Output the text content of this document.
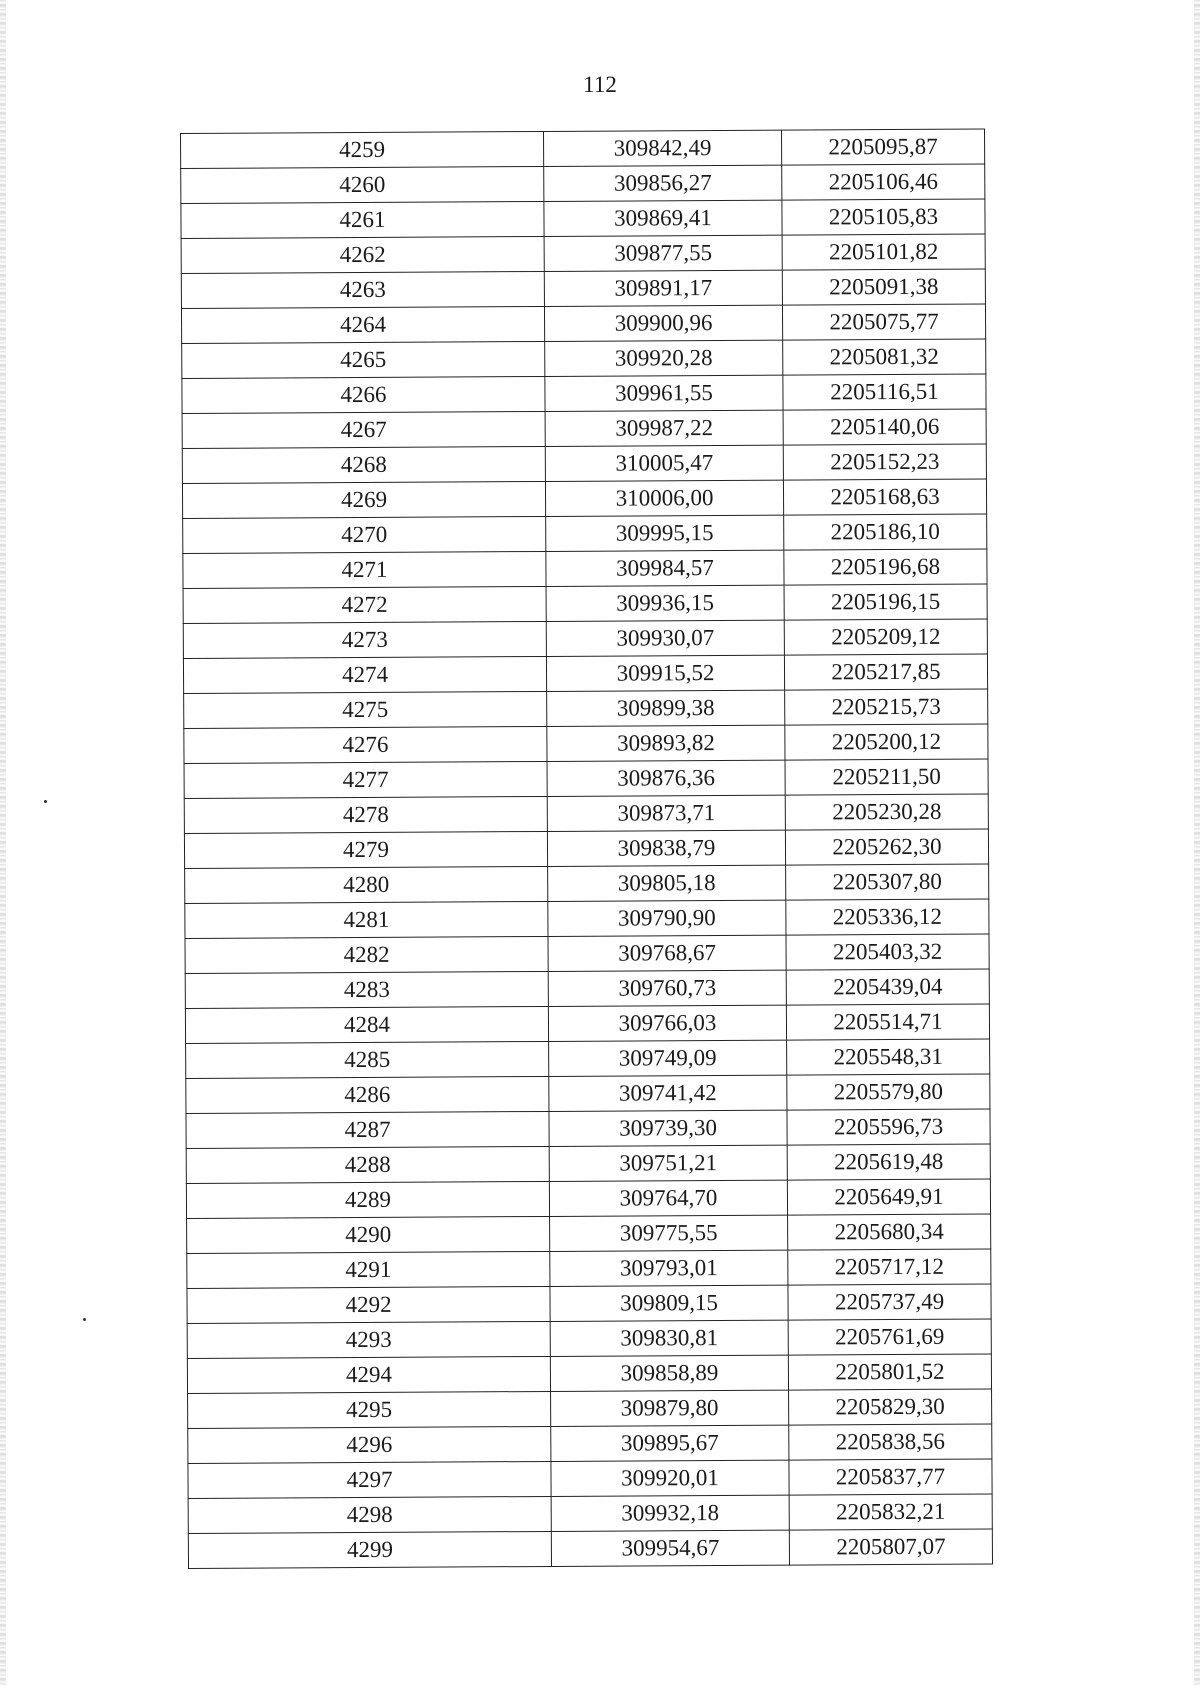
112
4259	309842,49	2205095,87
4260	309856,27	2205106,46
4261	309869,41	2205105,83
4262	309877,55	2205101,82
4263	309891,17	2205091,38
4264	309900,96	2205075,77
4265	309920,28	2205081,32
4266	309961,55	2205116,51
4267	309987,22	2205140,06
4268	310005,47	2205152,23
4269	310006,00	2205168,63
4270	309995,15	2205186,10
4271	309984,57	2205196,68
4272	309936,15	2205196,15
4273	309930,07	2205209,12
4274	309915,52	2205217,85
4275	309899,38	2205215,73
4276	309893,82	2205200,12
4277	309876,36	2205211,50
4278	309873,71	2205230,28
4279	309838,79	2205262,30
4280	309805,18	2205307,80
4281	309790,90	2205336,12
4282	309768,67	2205403,32
4283	309760,73	2205439,04
4284	309766,03	2205514,71
4285	309749,09	2205548,31
4286	309741,42	2205579,80
4287	309739,30	2205596,73
4288	309751,21	2205619,48
4289	309764,70	2205649,91
4290	309775,55	2205680,34
4291	309793,01	2205717,12
4292	309809,15	2205737,49
4293	309830,81	2205761,69
4294	309858,89	2205801,52
4295	309879,80	2205829,30
4296	309895,67	2205838,56
4297	309920,01	2205837,77
4298	309932,18	2205832,21
4299	309954,67	2205807,07
